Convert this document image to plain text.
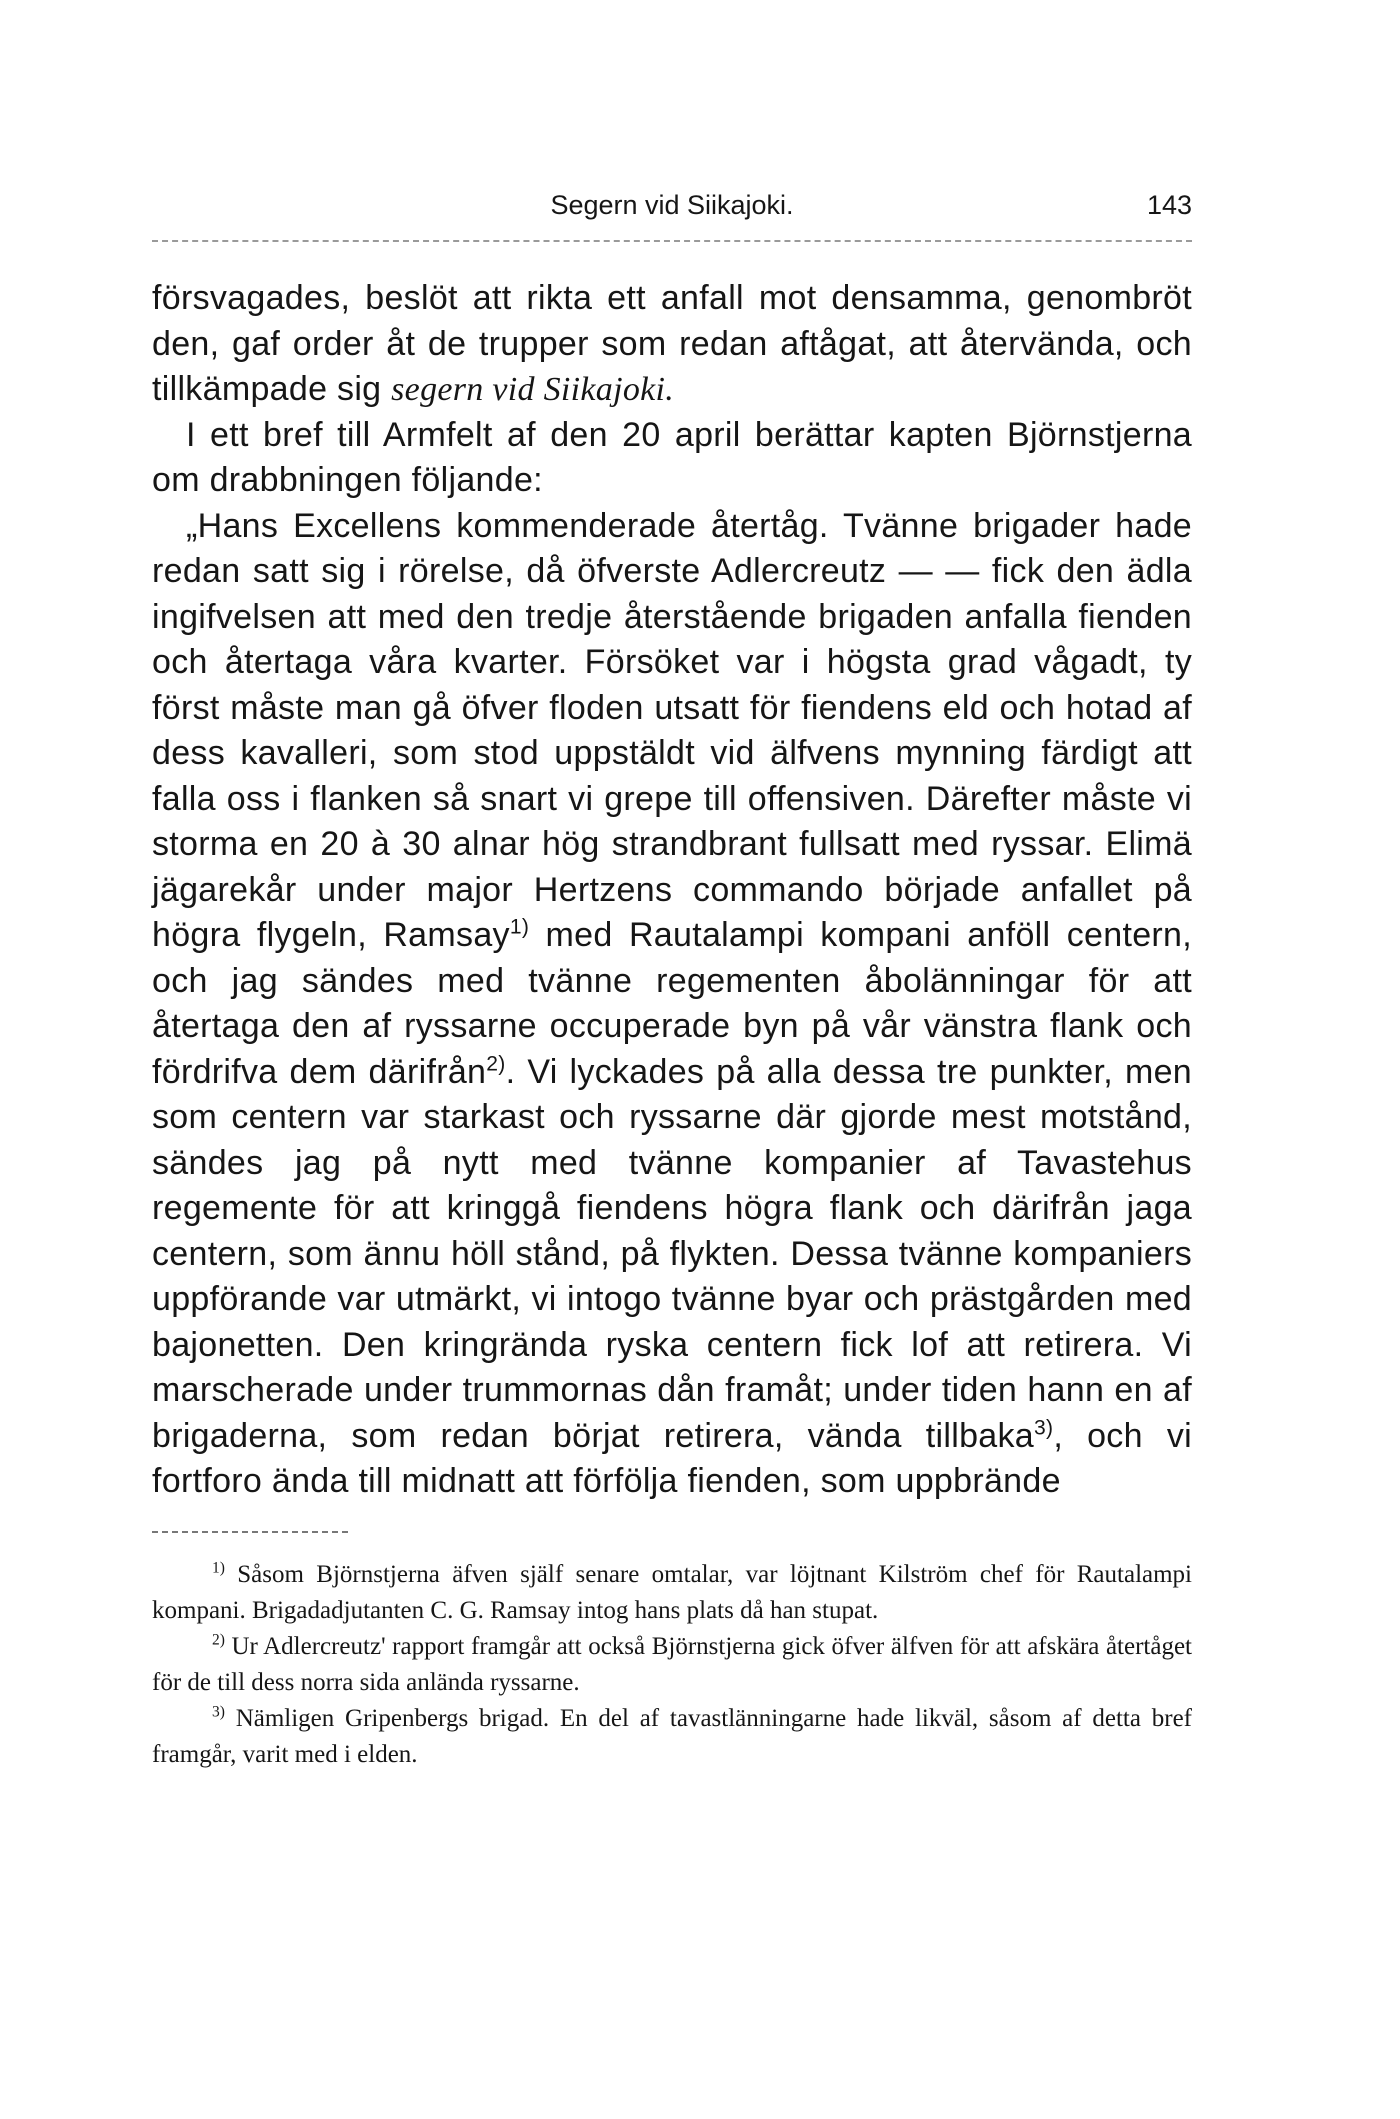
Segern vid Siikajoki.	143

försvagades, beslöt att rikta ett anfall mot densamma, genombröt den, gaf order åt de trupper som redan aftågat, att återvända, och tillkämpade sig segern vid Siikajoki.

I ett bref till Armfelt af den 20 april berättar kapten Björnstjerna om drabbningen följande:

„Hans Excellens kommenderade återtåg. Tvänne brigader hade redan satt sig i rörelse, då öfverste Adlercreutz — — fick den ädla ingifvelsen att med den tredje återstående brigaden anfalla fienden och återtaga våra kvarter. Försöket var i högsta grad vågadt, ty först måste man gå öfver floden utsatt för fiendens eld och hotad af dess kavalleri, som stod uppstäldt vid älfvens mynning färdigt att falla oss i flanken så snart vi grepe till offensiven. Därefter måste vi storma en 20 à 30 alnar hög strandbrant fullsatt med ryssar. Elimä jägarekår under major Hertzens commando började anfallet på högra flygeln, Ramsay$^{1)}$ med Rautalampi kompani anföll centern, och jag sändes med tvänne regementen åbolänningar för att återtaga den af ryssarne occuperade byn på vår vänstra flank och fördrifva dem därifrån$^{2)}$. Vi lyckades på alla dessa tre punkter, men som centern var starkast och ryssarne där gjorde mest motstånd, sändes jag på nytt med tvänne kompanier af Tavastehus regemente för att kringgå fiendens högra flank och därifrån jaga centern, som ännu höll stånd, på flykten. Dessa tvänne kompaniers uppförande var utmärkt, vi intogo tvänne byar och prästgården med bajonetten. Den kringrända ryska centern fick lof att retirera. Vi marscherade under trummornas dån framåt; under tiden hann en af brigaderna, som redan börjat retirera, vända tillbaka$^{3)}$, och vi fortforo ända till midnatt att förfölja fienden, som uppbrände

$^{1)}$ Såsom Björnstjerna äfven själf senare omtalar, var löjtnant Kilström chef för Rautalampi kompani. Brigadadjutanten C. G. Ramsay intog hans plats då han stupat.

$^{2)}$ Ur Adlercreutz' rapport framgår att också Björnstjerna gick öfver älfven för att afskära återtåget för de till dess norra sida anlända ryssarne.

$^{3)}$ Nämligen Gripenbergs brigad. En del af tavastlänningarne hade likväl, såsom af detta bref framgår, varit med i elden.
